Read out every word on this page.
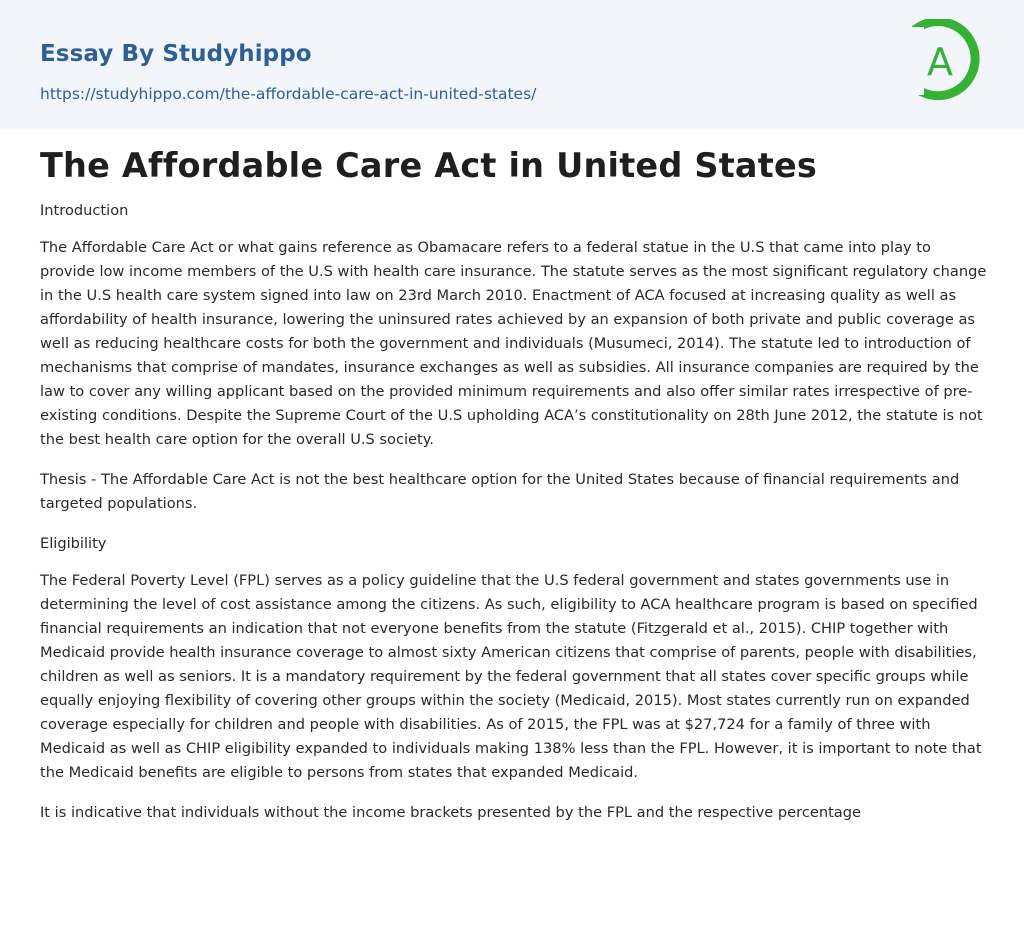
Essay By Studyhippo
https://studyhippo.com/the-affordable-care-act-in-united-states/
A
The Affordable Care Act in United States

Introduction

The Affordable Care Act or what gains reference as Obamacare refers to a federal statue in the U.S that came into play to provide low income members of the U.S with health care insurance. The statute serves as the most significant regulatory change in the U.S health care system signed into law on 23rd March 2010. Enactment of ACA focused at increasing quality as well as affordability of health insurance, lowering the uninsured rates achieved by an expansion of both private and public coverage as well as reducing healthcare costs for both the government and individuals (Musumeci, 2014). The statute led to introduction of mechanisms that comprise of mandates, insurance exchanges as well as subsidies. All insurance companies are required by the law to cover any willing applicant based on the provided minimum requirements and also offer similar rates irrespective of pre-existing conditions. Despite the Supreme Court of the U.S upholding ACA’s constitutionality on 28th June 2012, the statute is not the best health care option for the overall U.S society.

Thesis - The Affordable Care Act is not the best healthcare option for the United States because of financial requirements and targeted populations.

Eligibility

The Federal Poverty Level (FPL) serves as a policy guideline that the U.S federal government and states governments use in determining the level of cost assistance among the citizens. As such, eligibility to ACA healthcare program is based on specified financial requirements an indication that not everyone benefits from the statute (Fitzgerald et al., 2015). CHIP together with Medicaid provide health insurance coverage to almost sixty American citizens that comprise of parents, people with disabilities, children as well as seniors. It is a mandatory requirement by the federal government that all states cover specific groups while equally enjoying flexibility of covering other groups within the society (Medicaid, 2015). Most states currently run on expanded coverage especially for children and people with disabilities. As of 2015, the FPL was at $27,724 for a family of three with Medicaid as well as CHIP eligibility expanded to individuals making 138% less than the FPL. However, it is important to note that the Medicaid benefits are eligible to persons from states that expanded Medicaid.

It is indicative that individuals without the income brackets presented by the FPL and the respective percentage
